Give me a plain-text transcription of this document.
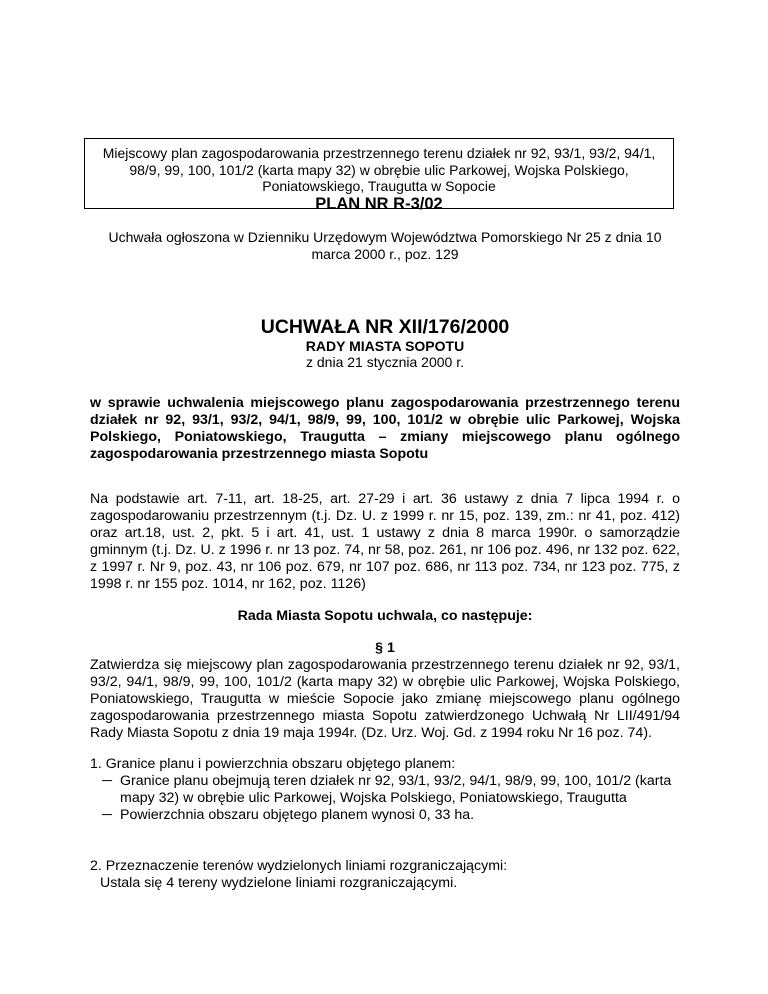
Miejscowy plan zagospodarowania przestrzennego terenu działek nr 92, 93/1, 93/2, 94/1, 98/9, 99, 100, 101/2 (karta mapy 32) w obrębie ulic Parkowej, Wojska Polskiego, Poniatowskiego, Traugutta w Sopocie
PLAN NR R-3/02
Uchwała ogłoszona w Dzienniku Urzędowym Województwa Pomorskiego Nr 25 z dnia 10 marca 2000 r., poz. 129
UCHWAŁA NR XII/176/2000
RADY MIASTA SOPOTU
z dnia 21 stycznia 2000 r.
w sprawie uchwalenia miejscowego planu zagospodarowania przestrzennego terenu działek nr 92, 93/1, 93/2, 94/1, 98/9, 99, 100, 101/2 w obrębie ulic Parkowej, Wojska Polskiego, Poniatowskiego, Traugutta – zmiany miejscowego planu ogólnego zagospodarowania przestrzennego miasta Sopotu
Na podstawie art. 7-11, art. 18-25, art. 27-29 i art. 36 ustawy z dnia 7 lipca 1994 r. o zagospodarowaniu przestrzennym (t.j. Dz. U. z 1999 r. nr 15, poz. 139, zm.: nr 41, poz. 412) oraz art.18, ust. 2, pkt. 5 i art. 41, ust. 1 ustawy z dnia 8 marca 1990r. o samorządzie gminnym (t.j. Dz. U. z 1996 r. nr 13 poz. 74, nr 58, poz. 261, nr 106 poz. 496, nr 132 poz. 622, z 1997 r. Nr 9, poz. 43, nr 106 poz. 679, nr 107 poz. 686, nr 113 poz. 734, nr 123 poz. 775, z 1998 r. nr 155 poz. 1014, nr 162, poz. 1126)
Rada Miasta Sopotu uchwala, co następuje:
§ 1
Zatwierdza się miejscowy plan zagospodarowania przestrzennego terenu działek nr 92, 93/1, 93/2, 94/1, 98/9, 99, 100, 101/2 (karta mapy 32) w obrębie ulic Parkowej, Wojska Polskiego, Poniatowskiego, Traugutta w mieście Sopocie jako zmianę miejscowego planu ogólnego zagospodarowania przestrzennego miasta Sopotu zatwierdzonego Uchwałą Nr LII/491/94 Rady Miasta Sopotu z dnia 19 maja 1994r. (Dz. Urz. Woj. Gd. z 1994 roku Nr 16 poz. 74).
1. Granice planu i powierzchnia obszaru objętego planem:
─ Granice planu obejmują teren działek nr 92, 93/1, 93/2, 94/1, 98/9, 99, 100, 101/2 (karta mapy 32) w obrębie ulic Parkowej, Wojska Polskiego, Poniatowskiego, Traugutta
─ Powierzchnia obszaru objętego planem wynosi 0, 33 ha.
2. Przeznaczenie terenów wydzielonych liniami rozgraniczającymi:
Ustala się 4 tereny wydzielone liniami rozgraniczającymi.
